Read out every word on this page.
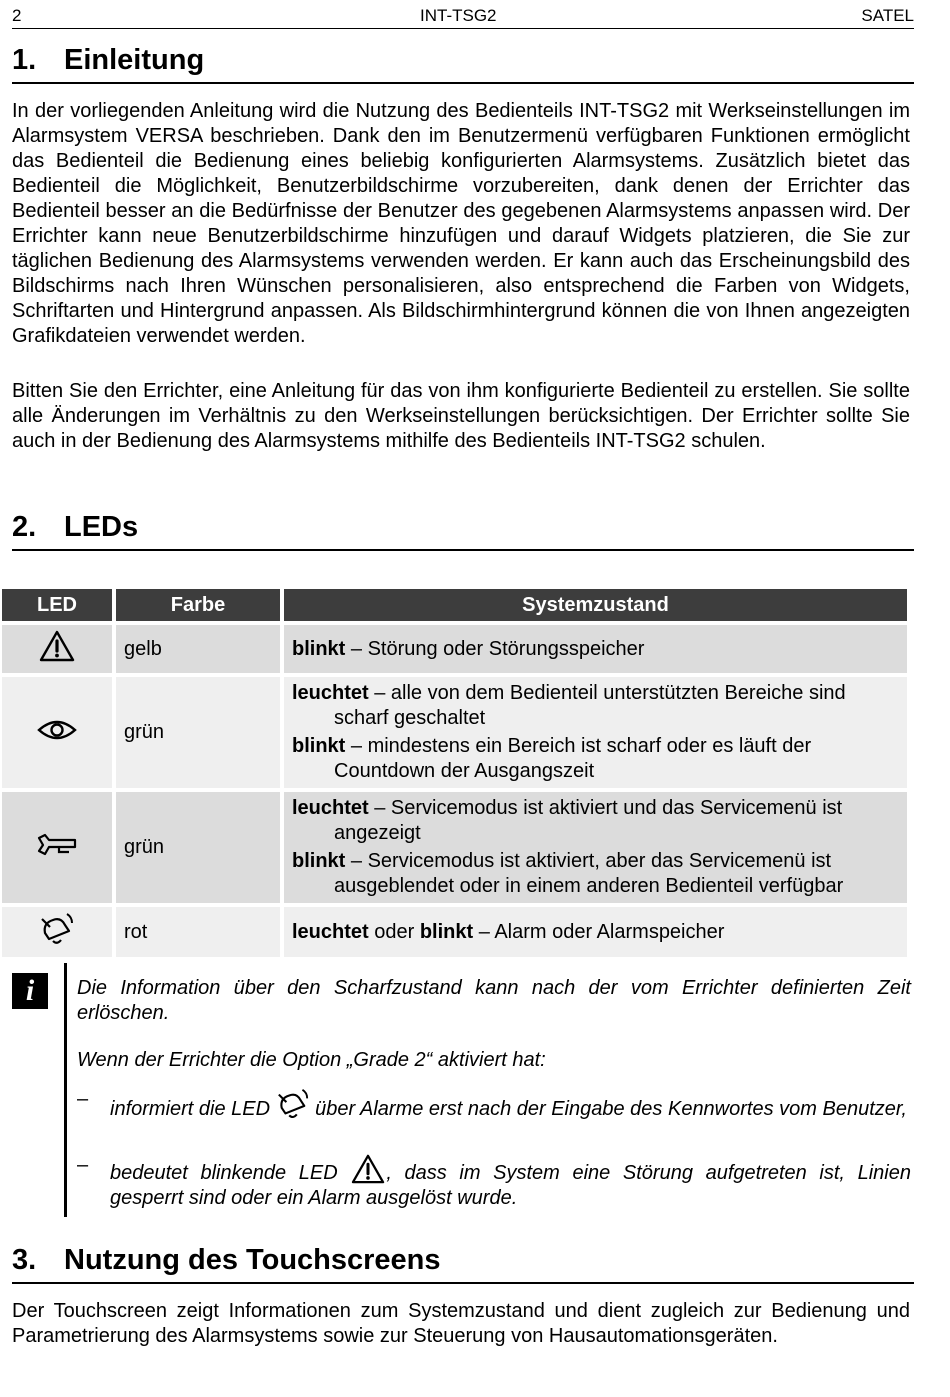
2	INT-TSG2	SATEL
1. Einleitung

In der vorliegenden Anleitung wird die Nutzung des Bedienteils INT-TSG2 mit Werkseinstellungen im Alarmsystem VERSA beschrieben. Dank den im Benutzermenü verfügbaren Funktionen ermöglicht das Bedienteil die Bedienung eines beliebig konfigurierten Alarmsystems. Zusätzlich bietet das Bedienteil die Möglichkeit, Benutzerbildschirme vorzubereiten, dank denen der Errichter das Bedienteil besser an die Bedürfnisse der Benutzer des gegebenen Alarmsystems anpassen wird. Der Errichter kann neue Benutzerbildschirme hinzufügen und darauf Widgets platzieren, die Sie zur täglichen Bedienung des Alarmsystems verwenden werden. Er kann auch das Erscheinungsbild des Bildschirms nach Ihren Wünschen personalisieren, also entsprechend die Farben von Widgets, Schriftarten und Hintergrund anpassen. Als Bildschirmhintergrund können die von Ihnen angezeigten Grafikdateien verwendet werden.

Bitten Sie den Errichter, eine Anleitung für das von ihm konfigurierte Bedienteil zu erstellen. Sie sollte alle Änderungen im Verhältnis zu den Werkseinstellungen berücksichtigen. Der Errichter sollte Sie auch in der Bedienung des Alarmsystems mithilfe des Bedienteils INT-TSG2 schulen.

2. LEDs
LED	Farbe	Systemzustand
	gelb	blinkt – Störung oder Störungsspeicher

	grün	leuchtet – alle von dem Bedienteil unterstützten Bereiche sind scharf geschaltet
blinkt – mindestens ein Bereich ist scharf oder es läuft der Countdown der Ausgangszeit

	grün	leuchtet – Servicemodus ist aktiviert und das Servicemenü ist angezeigt
blinkt – Servicemodus ist aktiviert, aber das Servicemenü ist ausgeblendet oder in einem anderen Bedienteil verfügbar

	rot	leuchtet oder blinkt – Alarm oder Alarmspeicher
i	Die Information über den Scharfzustand kann nach der vom Errichter definierten Zeit erlöschen.

Wenn der Errichter die Option „Grade 2“ aktiviert hat:

– informiert die LED  über Alarme erst nach der Eingabe des Kennwortes vom Benutzer,
– bedeutet blinkende LED , dass im System eine Störung aufgetreten ist, Linien gesperrt sind oder ein Alarm ausgelöst wurde.
3. Nutzung des Touchscreens

Der Touchscreen zeigt Informationen zum Systemzustand und dient zugleich zur Bedienung und Parametrierung des Alarmsystems sowie zur Steuerung von Hausautomationsgeräten.
